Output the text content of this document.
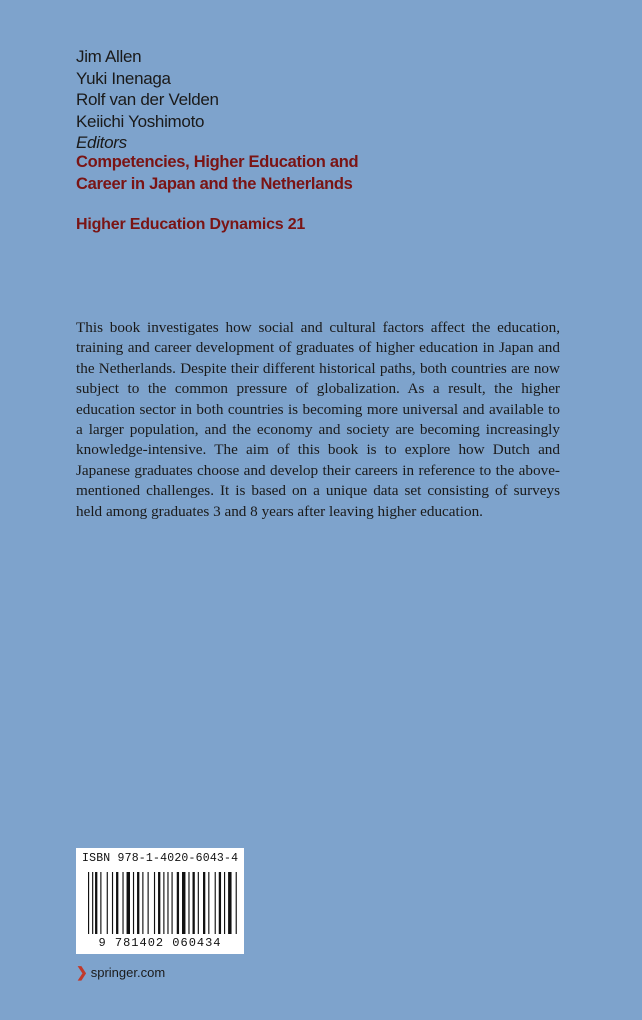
Jim Allen
Yuki Inenaga
Rolf van der Velden
Keiichi Yoshimoto
Editors
Competencies, Higher Education and
Career in Japan and the Netherlands
Higher Education Dynamics 21

This book investigates how social and cultural factors affect the education, training and career development of graduates of higher education in Japan and the Netherlands. Despite their different historical paths, both countries are now subject to the common pressure of globalization. As a result, the higher education sector in both countries is becoming more universal and available to a larger population, and the economy and society are becoming increasingly knowledge-intensive. The aim of this book is to explore how Dutch and Japanese graduates choose and develop their careers in reference to the above-mentioned challenges. It is based on a unique data set consisting of surveys held among graduates 3 and 8 years after leaving higher education.

ISBN 978-1-4020-6043-4
9 781402 060434
❯ springer.com
